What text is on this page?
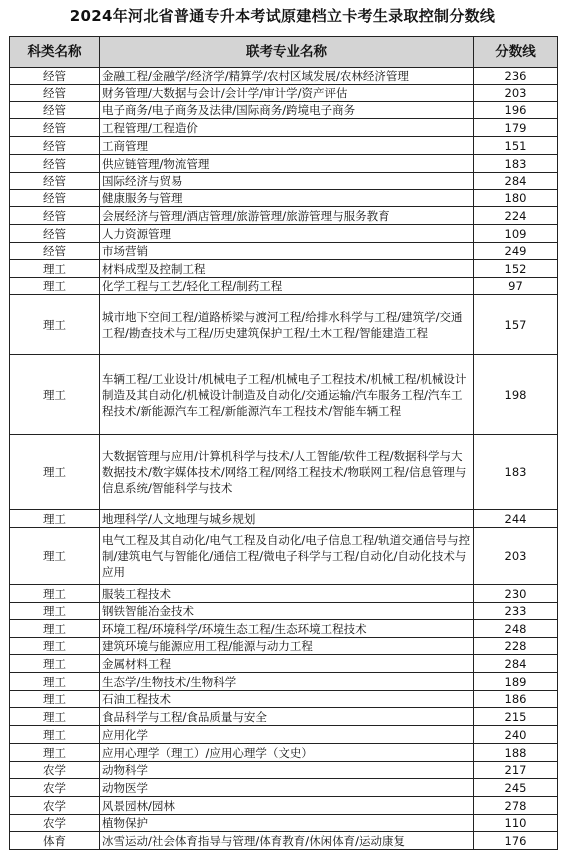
2024年河北省普通专升本考试原建档立卡考生录取控制分数线
科类名称	联考专业名称	分数线
经管	金融工程/金融学/经济学/精算学/农村区域发展/农林经济管理	236
经管	财务管理/大数据与会计/会计学/审计学/资产评估	203
经管	电子商务/电子商务及法律/国际商务/跨境电子商务	196
经管	工程管理/工程造价	179
经管	工商管理	151
经管	供应链管理/物流管理	183
经管	国际经济与贸易	284
经管	健康服务与管理	180
经管	会展经济与管理/酒店管理/旅游管理/旅游管理与服务教育	224
经管	人力资源管理	109
经管	市场营销	249
理工	材料成型及控制工程	152
理工	化学工程与工艺/轻化工程/制药工程	97
理工	城市地下空间工程/道路桥梁与渡河工程/给排水科学与工程/建筑学/交通工程/勘查技术与工程/历史建筑保护工程/土木工程/智能建造工程	157
理工	车辆工程/工业设计/机械电子工程/机械电子工程技术/机械工程/机械设计制造及其自动化/机械设计制造及自动化/交通运输/汽车服务工程/汽车工程技术/新能源汽车工程/新能源汽车工程技术/智能车辆工程	198
理工	大数据管理与应用/计算机科学与技术/人工智能/软件工程/数据科学与大数据技术/数字媒体技术/网络工程/网络工程技术/物联网工程/信息管理与信息系统/智能科学与技术	183
理工	地理科学/人文地理与城乡规划	244
理工	电气工程及其自动化/电气工程及自动化/电子信息工程/轨道交通信号与控制/建筑电气与智能化/通信工程/微电子科学与工程/自动化/自动化技术与应用	203
理工	服装工程技术	230
理工	钢铁智能冶金技术	233
理工	环境工程/环境科学/环境生态工程/生态环境工程技术	248
理工	建筑环境与能源应用工程/能源与动力工程	228
理工	金属材料工程	284
理工	生态学/生物技术/生物科学	189
理工	石油工程技术	186
理工	食品科学与工程/食品质量与安全	215
理工	应用化学	240
理工	应用心理学（理工）/应用心理学（文史）	188
农学	动物科学	217
农学	动物医学	245
农学	风景园林/园林	278
农学	植物保护	110
体育	冰雪运动/社会体育指导与管理/体育教育/休闲体育/运动康复	176
